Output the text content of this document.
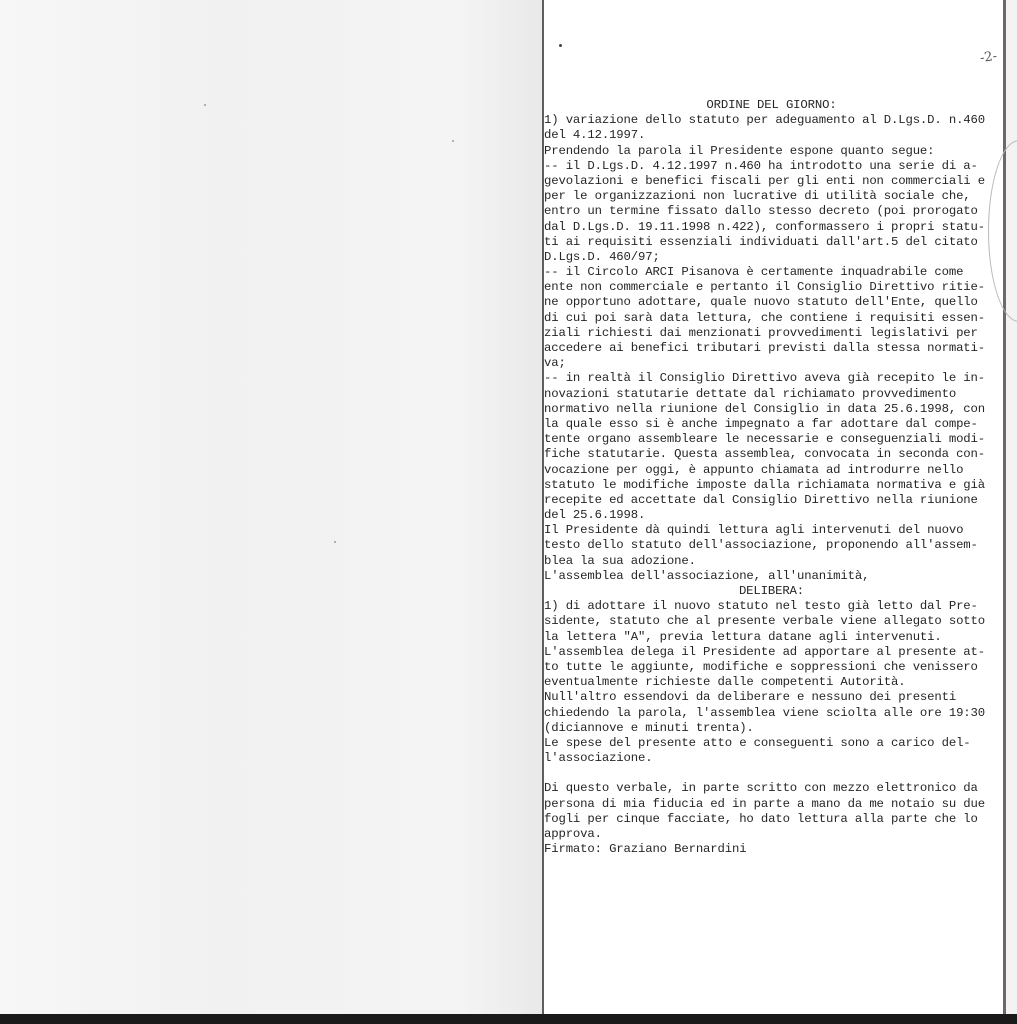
-2-
ORDINE DEL GIORNO:
1) variazione dello statuto per adeguamento al D.Lgs.D. n.460
del 4.12.1997.
Prendendo la parola il Presidente espone quanto segue:
-- il D.Lgs.D. 4.12.1997 n.460 ha introdotto una serie di a-
gevolazioni e benefici fiscali per gli enti non commerciali e
per le organizzazioni non lucrative di utilità sociale che,
entro un termine fissato dallo stesso decreto (poi prorogato
dal D.Lgs.D. 19.11.1998 n.422), conformassero i propri statu-
ti ai requisiti essenziali individuati dall'art.5 del citato
D.Lgs.D. 460/97;
-- il Circolo ARCI Pisanova è certamente inquadrabile come
ente non commerciale e pertanto il Consiglio Direttivo ritie-
ne opportuno adottare, quale nuovo statuto dell'Ente, quello
di cui poi sarà data lettura, che contiene i requisiti essen-
ziali richiesti dai menzionati provvedimenti legislativi per
accedere ai benefici tributari previsti dalla stessa normati-
va;
-- in realtà il Consiglio Direttivo aveva già recepito le in-
novazioni statutarie dettate dal richiamato provvedimento
normativo nella riunione del Consiglio in data 25.6.1998, con
la quale esso si è anche impegnato a far adottare dal compe-
tente organo assembleare le necessarie e conseguenziali modi-
fiche statutarie. Questa assemblea, convocata in seconda con-
vocazione per oggi, è appunto chiamata ad introdurre nello
statuto le modifiche imposte dalla richiamata normativa e già
recepite ed accettate dal Consiglio Direttivo nella riunione
del 25.6.1998.
Il Presidente dà quindi lettura agli intervenuti del nuovo
testo dello statuto dell'associazione, proponendo all'assem-
blea la sua adozione.
L'assemblea dell'associazione, all'unanimità,
DELIBERA:
1) di adottare il nuovo statuto nel testo già letto dal Pre-
sidente, statuto che al presente verbale viene allegato sotto
la lettera "A", previa lettura datane agli intervenuti.
L'assemblea delega il Presidente ad apportare al presente at-
to tutte le aggiunte, modifiche e soppressioni che venissero
eventualmente richieste dalle competenti Autorità.
Null'altro essendovi da deliberare e nessuno dei presenti
chiedendo la parola, l'assemblea viene sciolta alle ore 19:30
(diciannove e minuti trenta).
Le spese del presente atto e conseguenti sono a carico del-
l'associazione.
Di questo verbale, in parte scritto con mezzo elettronico da
persona di mia fiducia ed in parte a mano da me notaio su due
fogli per cinque facciate, ho dato lettura alla parte che lo
approva.
Firmato: Graziano Bernardini
